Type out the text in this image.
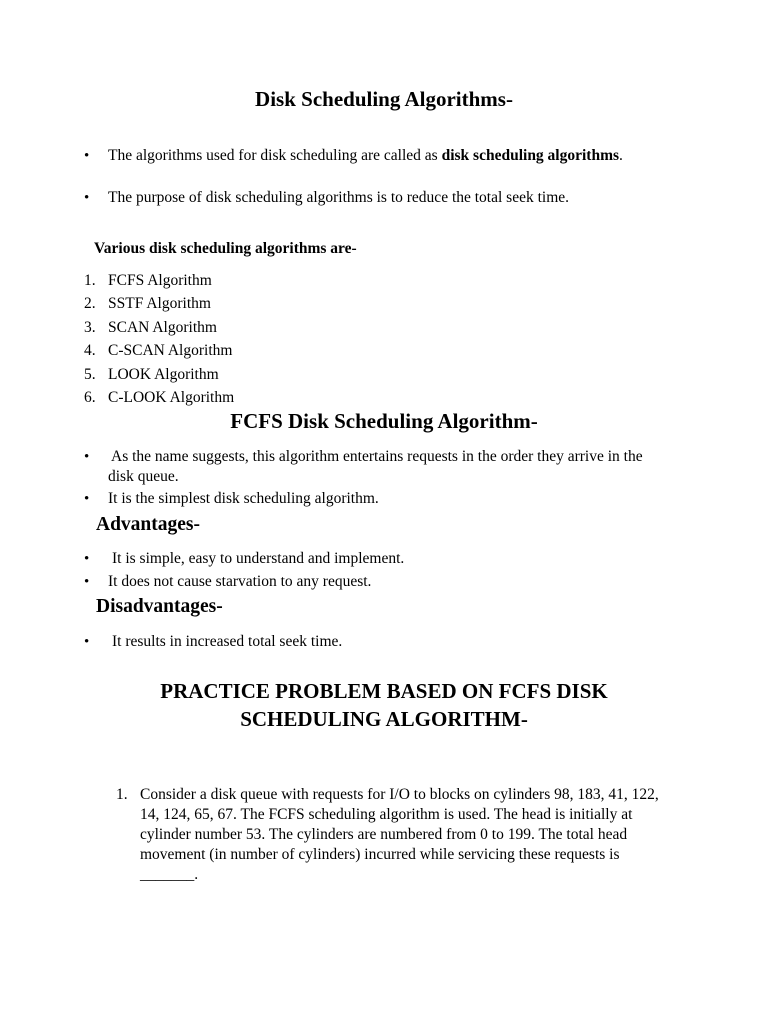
Disk Scheduling Algorithms-
• The algorithms used for disk scheduling are called as disk scheduling algorithms.
• The purpose of disk scheduling algorithms is to reduce the total seek time.
Various disk scheduling algorithms are-
1. FCFS Algorithm
2. SSTF Algorithm
3. SCAN Algorithm
4. C-SCAN Algorithm
5. LOOK Algorithm
6. C-LOOK Algorithm
FCFS Disk Scheduling Algorithm-
• As the name suggests, this algorithm entertains requests in the order they arrive in the disk queue.
• It is the simplest disk scheduling algorithm.
Advantages-
• It is simple, easy to understand and implement.
• It does not cause starvation to any request.
Disadvantages-
• It results in increased total seek time.
PRACTICE PROBLEM BASED ON FCFS DISK
SCHEDULING ALGORITHM-
1. Consider a disk queue with requests for I/O to blocks on cylinders 98, 183, 41, 122, 14, 124, 65, 67. The FCFS scheduling algorithm is used. The head is initially at cylinder number 53. The cylinders are numbered from 0 to 199. The total head movement (in number of cylinders) incurred while servicing these requests is _______.
